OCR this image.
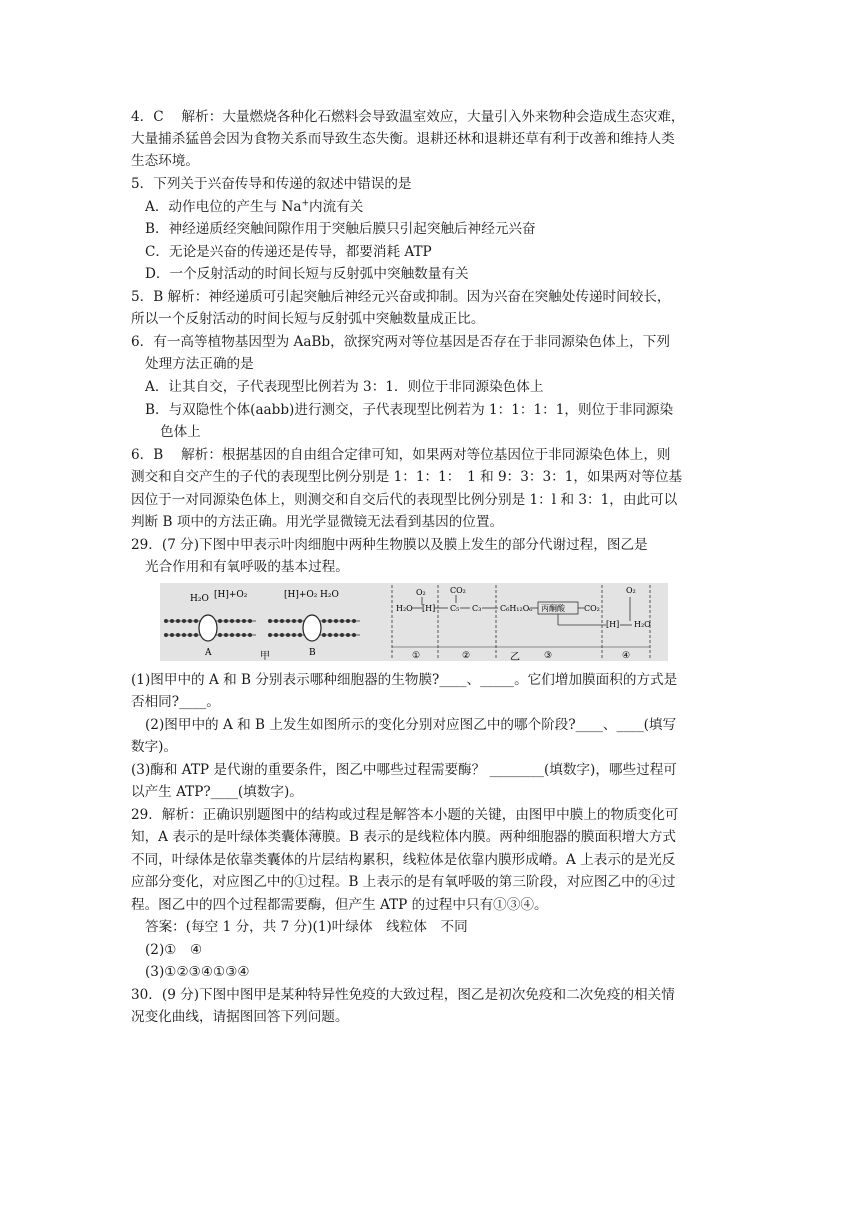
4．C　 解析：大量燃烧各种化石燃料会导致温室效应，大量引入外来物种会造成生态灾难，
大量捕杀猛兽会因为食物关系而导致生态失衡。退耕还林和退耕还草有利于改善和维持人类
生态环境。
5．下列关于兴奋传导和传递的叙述中错误的是
A．动作电位的产生与 Na+内流有关
B．神经递质经突触间隙作用于突触后膜只引起突触后神经元兴奋
C．无论是兴奋的传递还是传导，都要消耗 ATP
D．一个反射活动的时间长短与反射弧中突触数量有关
5．B 解析：神经递质可引起突触后神经元兴奋或抑制。因为兴奋在突触处传递时间较长，
所以一个反射活动的时间长短与反射弧中突触数量成正比。
6．有一高等植物基因型为 AaBb，欲探究两对等位基因是否存在于非同源染色体上，下列
处理方法正确的是
A．让其自交，子代表现型比例若为 3：1．则位于非同源染色体上
B．与双隐性个体(aabb)进行测交，子代表现型比例若为 1：1：1：1，则位于非同源染
色体上
6．B　 解析：根据基因的自由组合定律可知，如果两对等位基因位于非同源染色体上，则
测交和自交产生的子代的表现型比例分别是 1：1：1：　1 和 9：3：3：1，如果两对等位基
因位于一对同源染色体上，则测交和自交后代的表现型比例分别是 1：l 和 3：1，由此可以
判断 B 项中的方法正确。用光学显微镜无法看到基因的位置。
29．(7 分)下图中甲表示叶肉细胞中两种生物膜以及膜上发生的部分代谢过程，图乙是
光合作用和有氧呼吸的基本过程。
H₂O [H]+O₂
A
[H]+O₂ H₂O
B
甲
H₂O
O₂
[H] C₅
CO₂
C₃ C₆H₁₂O₆ 丙酮酸 CO₂
[H]
O₂
H₂O
①	②	③	④
乙
(1)图甲中的 A 和 B 分别表示哪种细胞器的生物膜?____、_____。它们增加膜面积的方式是
否相同?____。
(2)图甲中的 A 和 B 上发生如图所示的变化分别对应图乙中的哪个阶段?____、____(填写
数字)。
(3)酶和 ATP 是代谢的重要条件，图乙中哪些过程需要酶？ ________(填数字)，哪些过程可
以产生 ATP?____(填数字)。
29．解析：正确识别题图中的结构或过程是解答本小题的关键，由图甲中膜上的物质变化可
知，A 表示的是叶绿体类囊体薄膜。B 表示的是线粒体内膜。两种细胞器的膜面积增大方式
不同，叶绿体是依靠类囊体的片层结构累积，线粒体是依靠内膜形成嵴。A 上表示的是光反
应部分变化，对应图乙中的①过程。B 上表示的是有氧呼吸的第三阶段，对应图乙中的④过
程。图乙中的四个过程都需要酶，但产生 ATP 的过程中只有①③④。
答案：(每空 1 分，共 7 分)(1)叶绿体　线粒体　不同
(2)①　④
(3)①②③④①③④
30．(9 分)下图中图甲是某种特异性免疫的大致过程，图乙是初次免疫和二次免疫的相关情
况变化曲线，请据图回答下列问题。
